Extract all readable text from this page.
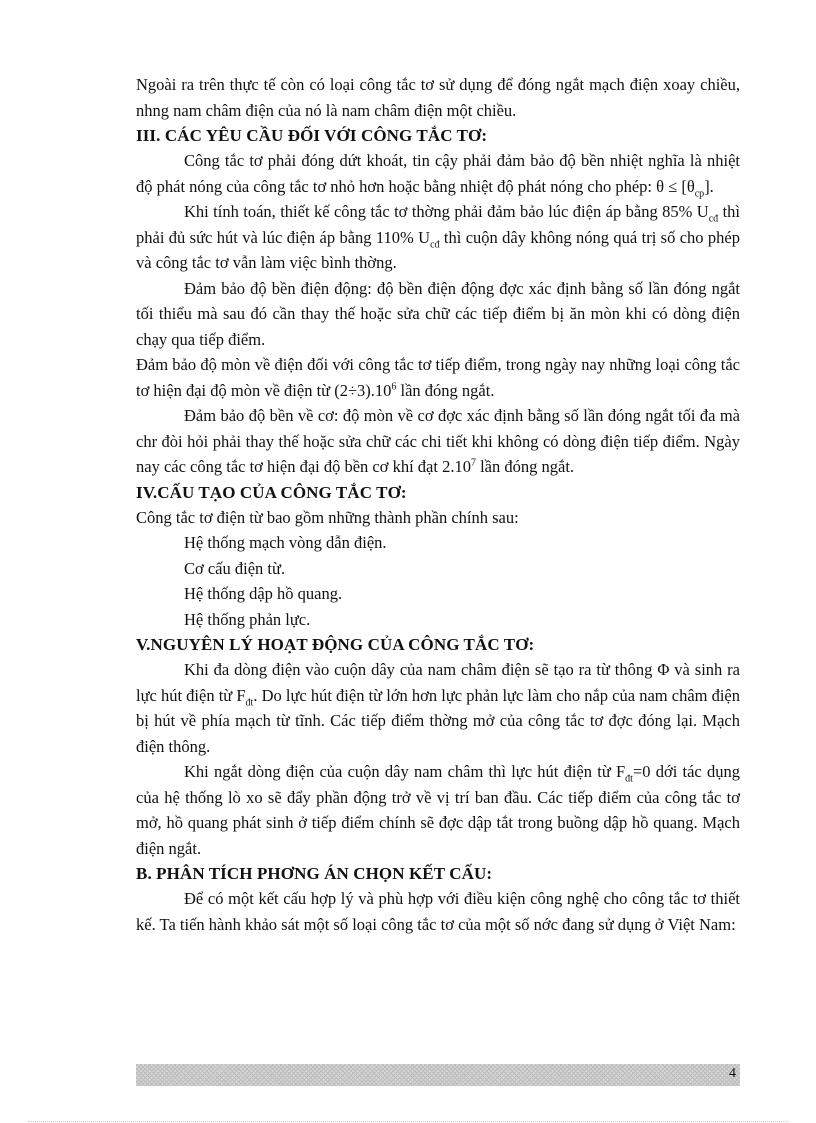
Ngoài ra trên thực tế còn có loại công tắc tơ sử dụng để đóng ngắt mạch điện xoay chiều, nhng nam châm điện của nó là nam châm điện một chiều.

III. CÁC YÊU CẦU ĐỐI VỚI CÔNG TẮC TƠ:

Công tắc tơ phải đóng dứt khoát, tin cậy phải đảm bảo độ bền nhiệt nghĩa là nhiệt độ phát nóng của công tắc tơ nhỏ hơn hoặc bằng nhiệt độ phát nóng cho phép: $\theta \le [\theta_{cp}]$.

Khi tính toán, thiết kế công tắc tơ thờng phải đảm bảo lúc điện áp bằng 85% $U_{cđ}$ thì phải đủ sức hút và lúc điện áp bằng 110% $U_{cđ}$ thì cuộn dây không nóng quá trị số cho phép và công tắc tơ vẫn làm việc bình thờng.

Đảm bảo độ bền điện động: độ bền điện động đợc xác định bằng số lần đóng ngắt tối thiểu mà sau đó cần thay thế hoặc sửa chữ các tiếp điểm bị ăn mòn khi có dòng điện chạy qua tiếp điểm.

Đảm bảo độ mòn về điện đối với công tắc tơ tiếp điểm, trong ngày nay những loại công tắc tơ hiện đại độ mòn về điện từ $(2\div 3).10^6$ lần đóng ngắt.

Đảm bảo độ bền về cơ: độ mòn về cơ đợc xác định bằng số lần đóng ngắt tối đa mà chr đòi hỏi phải thay thế hoặc sửa chữ các chi tiết khi không có dòng điện tiếp điểm. Ngày nay các công tắc tơ hiện đại độ bền cơ khí đạt 2.10$^7$ lần đóng ngắt.

IV.CẤU TẠO CỦA CÔNG TẮC TƠ:

Công tắc tơ điện từ bao gồm những thành phần chính sau:

Hệ thống mạch vòng dẫn điện.

Cơ cấu điện từ.

Hệ thống dập hồ quang.

Hệ thống phản lực.

V.NGUYÊN LÝ HOẠT ĐỘNG CỦA CÔNG TẮC TƠ:

Khi đa dòng điện vào cuộn dây của nam châm điện sẽ tạo ra từ thông Φ và sinh ra lực hút điện từ $F_{đt}$. Do lực hút điện từ lớn hơn lực phản lực làm cho nắp của nam châm điện bị hút về phía mạch từ tĩnh. Các tiếp điểm thờng mở của công tắc tơ đợc đóng lại. Mạch điện thông.

Khi ngắt dòng điện của cuộn dây nam châm thì lực hút điện từ $F_{đt}=0$ dới tác dụng của hệ thống lò xo sẽ đẩy phần động trở về vị trí ban đầu. Các tiếp điểm của công tắc tơ mở, hồ quang phát sinh ở tiếp điểm chính sẽ đợc dập tắt trong buồng dập hồ quang. Mạch điện ngắt.

B. PHÂN TÍCH PHƠNG ÁN CHỌN KẾT CẤU:

Để có một kết cấu hợp lý và phù hợp với điều kiện công nghệ cho công tắc tơ thiết kế. Ta tiến hành khảo sát một số loại công tắc tơ của một số nớc đang sử dụng ở Việt Nam:

4
